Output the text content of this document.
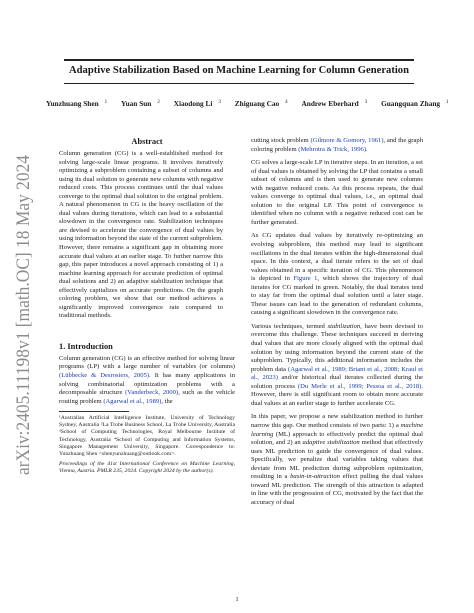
arXiv:2405.11198v1 [math.OC] 18 May 2024
Adaptive Stabilization Based on Machine Learning for Column Generation
Yunzhuang Shen $^1$ Yuan Sun $^2$ Xiaodong Li $^3$ Zhiguang Cao $^4$ Andrew Eberhard $^3$ Guangquan Zhang $^1$
Abstract
Column generation (CG) is a well-established method for solving large-scale linear programs. It involves iteratively optimizing a subproblem containing a subset of columns and using its dual solution to generate new columns with negative reduced costs. This process continues until the dual values converge to the optimal dual solution to the original problem. A natural phenomenon in CG is the heavy oscillation of the dual values during iterations, which can lead to a substantial slowdown in the convergence rate. Stabilization techniques are devised to accelerate the convergence of dual values by using information beyond the state of the current subproblem. However, there remains a significant gap in obtaining more accurate dual values at an earlier stage. To further narrow this gap, this paper introduces a novel approach consisting of 1) a machine learning approach for accurate prediction of optimal dual solutions and 2) an adaptive stabilization technique that effectively capitalizes on accurate predictions. On the graph coloring problem, we show that our method achieves a significantly improved convergence rate compared to traditional methods.
1. Introduction

Column generation (CG) is an effective method for solving linear programs (LP) with a large number of variables (or columns) (Lübbecke & Desrosiers, 2005). It has many applications in solving combinatorial optimization problems with a decomposable structure (Vanderbeck, 2000), such as the vehicle routing problem (Agarwal et al., 1989), the

¹Australian Artificial Intelligence Institute, University of Technology Sydney, Australia ²La Trobe Business School, La Trobe University, Australia ³School of Computing Technologies, Royal Melbourne Institute of Technology, Australia ⁴School of Computing and Information Systems, Singapore Management University, Singapore. Correspondence to: Yunzhuang Shen <shenyunzhuang@outlook.com>.

Proceedings of the 41st International Conference on Machine Learning, Vienna, Austria. PMLR 235, 2024. Copyright 2024 by the author(s).

cutting stock problem (Gilmore & Gomory, 1961), and the graph coloring problem (Mehrotra & Trick, 1996).

CG solves a large-scale LP in iterative steps. In an iteration, a set of dual values is obtained by solving the LP that contains a small subset of columns and is then used to generate new columns with negative reduced costs. As this process repeats, the dual values converge to optimal dual values, i.e., an optimal dual solution to the original LP. This point of convergence is identified when no column with a negative reduced cost can be further generated.

As CG updates dual values by iteratively re-optimizing an evolving subproblem, this method may lead to significant oscillations in the dual iterates within the high-dimensional dual space. In this context, a dual iterate refers to the set of dual values obtained in a specific iteration of CG. This phenomenon is depicted in Figure 1, which shows the trajectory of dual iterates for CG marked in green. Notably, the dual iterates tend to stay far from the optimal dual solution until a later stage. These issues can lead to the generation of redundant columns, causing a significant slowdown in the convergence rate.

Various techniques, termed stabilization, have been devised to overcome this challenge. These techniques succeed in deriving dual values that are more closely aligned with the optimal dual solution by using information beyond the current state of the subproblem. Typically, this additional information includes the problem data (Agarwal et al., 1989; Briant et al., 2008; Kraul et al., 2023) and/or historical dual iterates collected during the solution process (Du Merle et al., 1999; Pessoa et al., 2018). However, there is still significant room to obtain more accurate dual values at an earlier stage to further accelerate CG.

In this paper, we propose a new stabilization method to further narrow this gap. Our method consists of two parts: 1) a machine learning (ML) approach to effectively predict the optimal dual solution, and 2) an adaptive stabilization method that effectively uses ML prediction to guide the convergence of dual values. Specifically, we penalize dual variables taking values that deviate from ML prediction during subproblem optimization, resulting in a basin-in-attraction effect pulling the dual values toward ML prediction. The strength of this attraction is adapted in line with the progression of CG, motivated by the fact that the accuracy of dual

1
